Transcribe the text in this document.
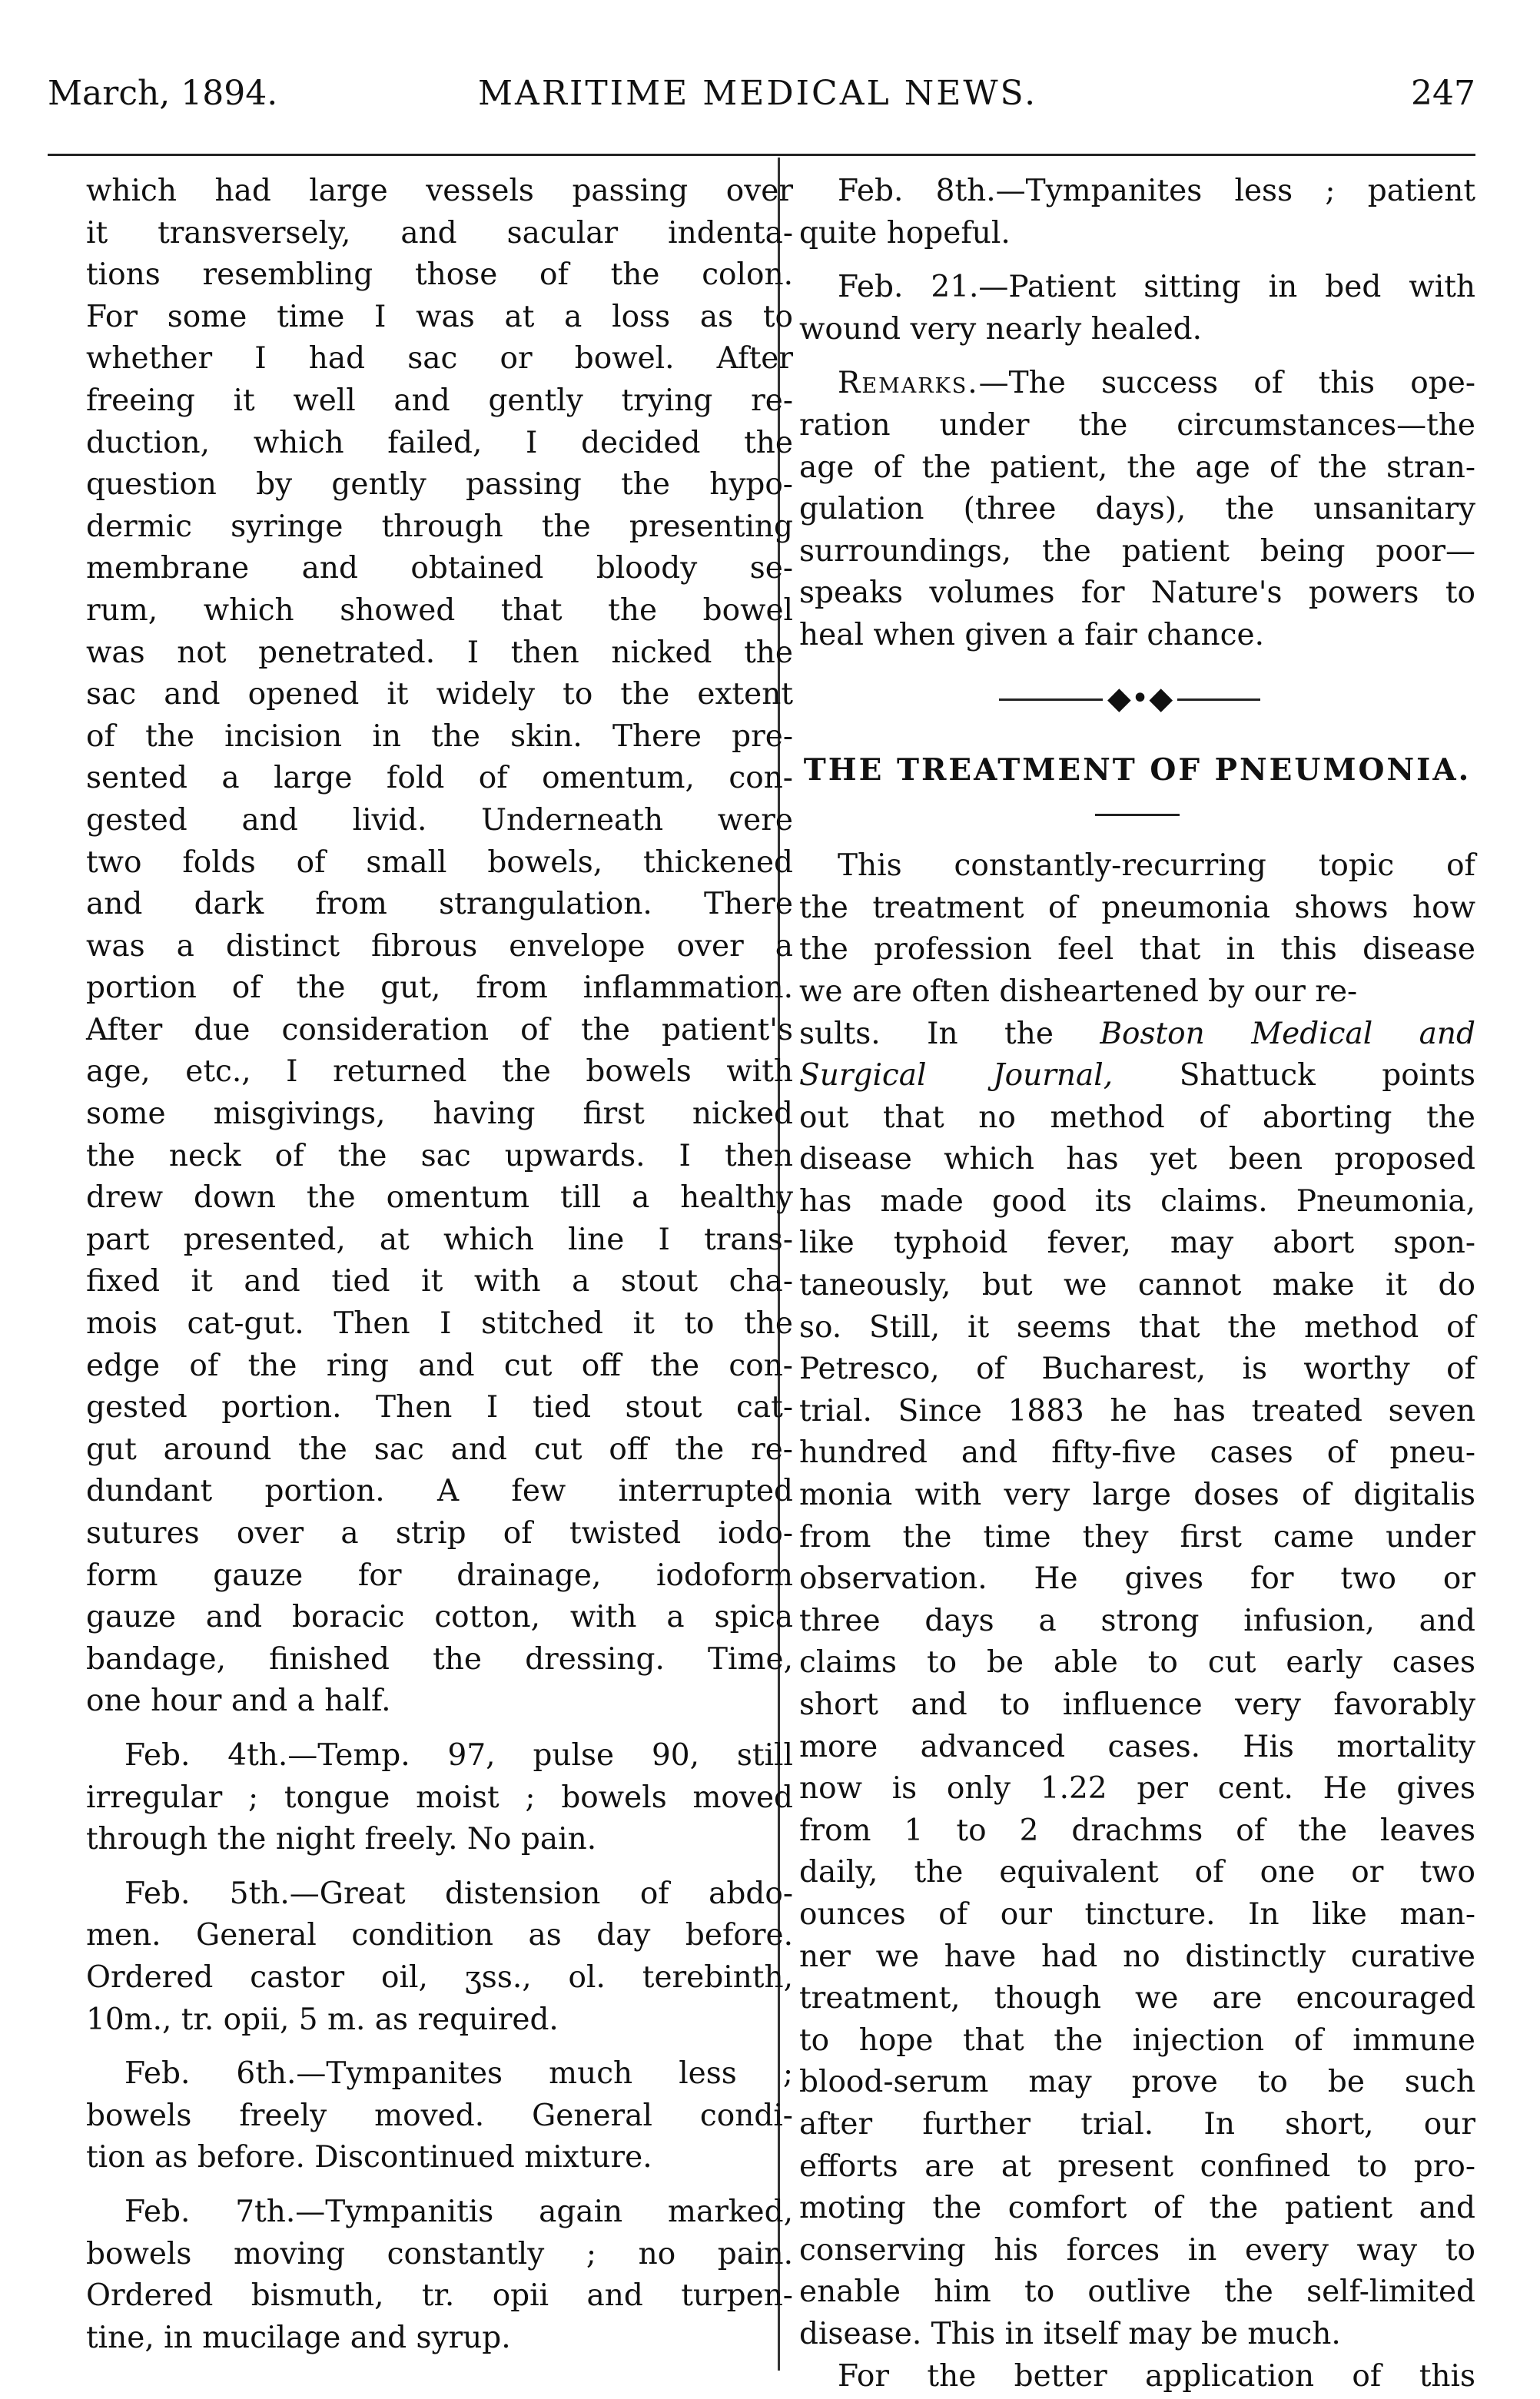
March, 1894.	MARITIME MEDICAL NEWS.	247
which had large vessels passing over
it transversely, and sacular indenta-
tions resembling those of the colon.
For some time I was at a loss as to
whether I had sac or bowel. After
freeing it well and gently trying re-
duction, which failed, I decided the
question by gently passing the hypo-
dermic syringe through the presenting
membrane and obtained bloody se-
rum, which showed that the bowel
was not penetrated. I then nicked the
sac and opened it widely to the extent
of the incision in the skin. There pre-
sented a large fold of omentum, con-
gested and livid. Underneath were
two folds of small bowels, thickened
and dark from strangulation. There
was a distinct fibrous envelope over a
portion of the gut, from inflammation.
After due consideration of the patient's
age, etc., I returned the bowels with
some misgivings, having first nicked
the neck of the sac upwards. I then
drew down the omentum till a healthy
part presented, at which line I trans-
fixed it and tied it with a stout cha-
mois cat-gut. Then I stitched it to the
edge of the ring and cut off the con-
gested portion. Then I tied stout cat-
gut around the sac and cut off the re-
dundant portion. A few interrupted
sutures over a strip of twisted iodo-
form gauze for drainage, iodoform
gauze and boracic cotton, with a spica
bandage, finished the dressing. Time,
one hour and a half.
Feb. 4th.—Temp. 97, pulse 90, still
irregular ; tongue moist ; bowels moved
through the night freely. No pain.
Feb. 5th.—Great distension of abdo-
men. General condition as day before.
Ordered castor oil, ʒss., ol. terebinth,
10m., tr. opii, 5 m. as required.
Feb. 6th.—Tympanites much less ;
bowels freely moved. General condi-
tion as before. Discontinued mixture.
Feb. 7th.—Tympanitis again marked,
bowels moving constantly ; no pain.
Ordered bismuth, tr. opii and turpen-
tine, in mucilage and syrup.
Feb. 8th.—Tympanites less ; patient
quite hopeful.
Feb. 21.—Patient sitting in bed with
wound very nearly healed.
Remarks.—The success of this ope-
ration under the circumstances—the
age of the patient, the age of the stran-
gulation (three days), the unsanitary
surroundings, the patient being poor—
speaks volumes for Nature's powers to
heal when given a fair chance.
◆•◆
THE TREATMENT OF PNEUMONIA.
This constantly-recurring topic of
the treatment of pneumonia shows how
the profession feel that in this disease
we are often disheartened by our re-
sults. In the Boston Medical and
Surgical Journal, Shattuck points
out that no method of aborting the
disease which has yet been proposed
has made good its claims. Pneumonia,
like typhoid fever, may abort spon-
taneously, but we cannot make it do
so. Still, it seems that the method of
Petresco, of Bucharest, is worthy of
trial. Since 1883 he has treated seven
hundred and fifty-five cases of pneu-
monia with very large doses of digitalis
from the time they first came under
observation. He gives for two or
three days a strong infusion, and
claims to be able to cut early cases
short and to influence very favorably
more advanced cases. His mortality
now is only 1.22 per cent. He gives
from 1 to 2 drachms of the leaves
daily, the equivalent of one or two
ounces of our tincture. In like man-
ner we have had no distinctly curative
treatment, though we are encouraged
to hope that the injection of immune
blood-serum may prove to be such
after further trial. In short, our
efforts are at present confined to pro-
moting the comfort of the patient and
conserving his forces in every way to
enable him to outlive the self-limited
disease. This in itself may be much.
For the better application of this
